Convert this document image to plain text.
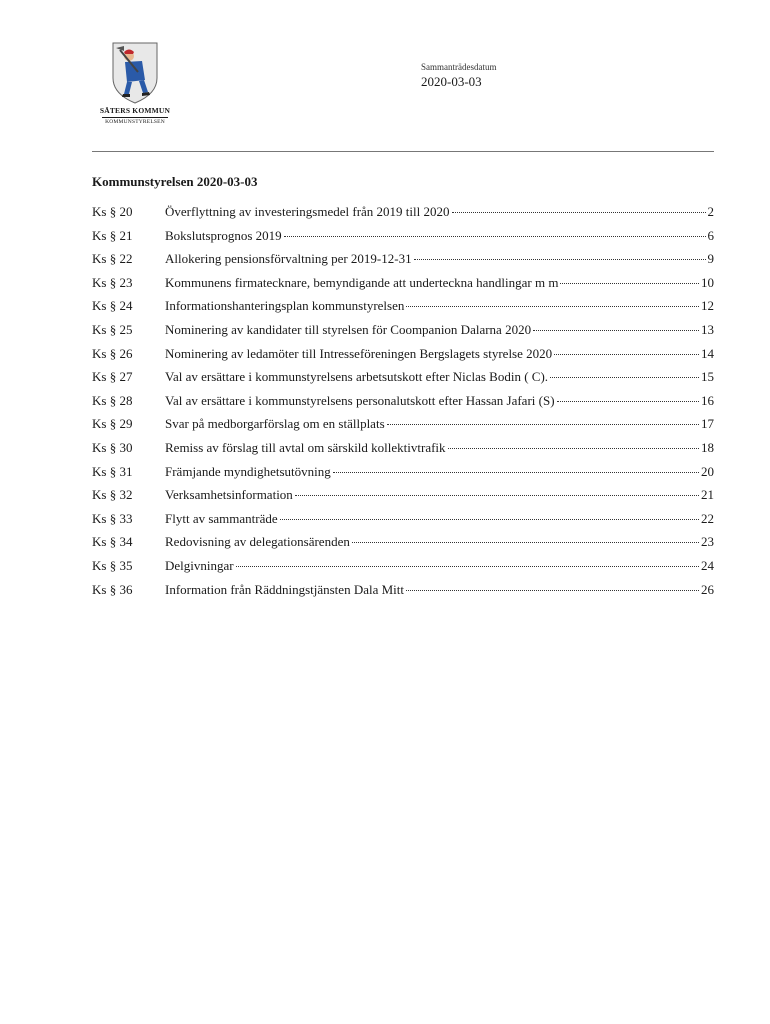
SÄTERS KOMMUN
KOMMUNSTYRELSEN
Sammanträdesdatum
2020-03-03
Kommunstyrelsen 2020-03-03
Ks § 20	Överflyttning av investeringsmedel från 2019 till 2020	2
Ks § 21	Bokslutsprognos 2019	6
Ks § 22	Allokering pensionsförvaltning per 2019-12-31	9
Ks § 23	Kommunens firmatecknare, bemyndigande att underteckna handlingar m m	10
Ks § 24	Informationshanteringsplan kommunstyrelsen	12
Ks § 25	Nominering av kandidater till styrelsen för Coompanion Dalarna 2020	13
Ks § 26	Nominering av ledamöter till Intresseföreningen Bergslagets styrelse 2020	14
Ks § 27	Val av ersättare i kommunstyrelsens arbetsutskott efter Niclas Bodin ( C).	15
Ks § 28	Val av ersättare i kommunstyrelsens personalutskott efter Hassan Jafari (S)	16
Ks § 29	Svar på medborgarförslag om en ställplats	17
Ks § 30	Remiss av förslag till avtal om särskild kollektivtrafik	18
Ks § 31	Främjande myndighetsutövning	20
Ks § 32	Verksamhetsinformation	21
Ks § 33	Flytt av sammanträde	22
Ks § 34	Redovisning av delegationsärenden	23
Ks § 35	Delgivningar	24
Ks § 36	Information från Räddningstjänsten Dala Mitt	26
